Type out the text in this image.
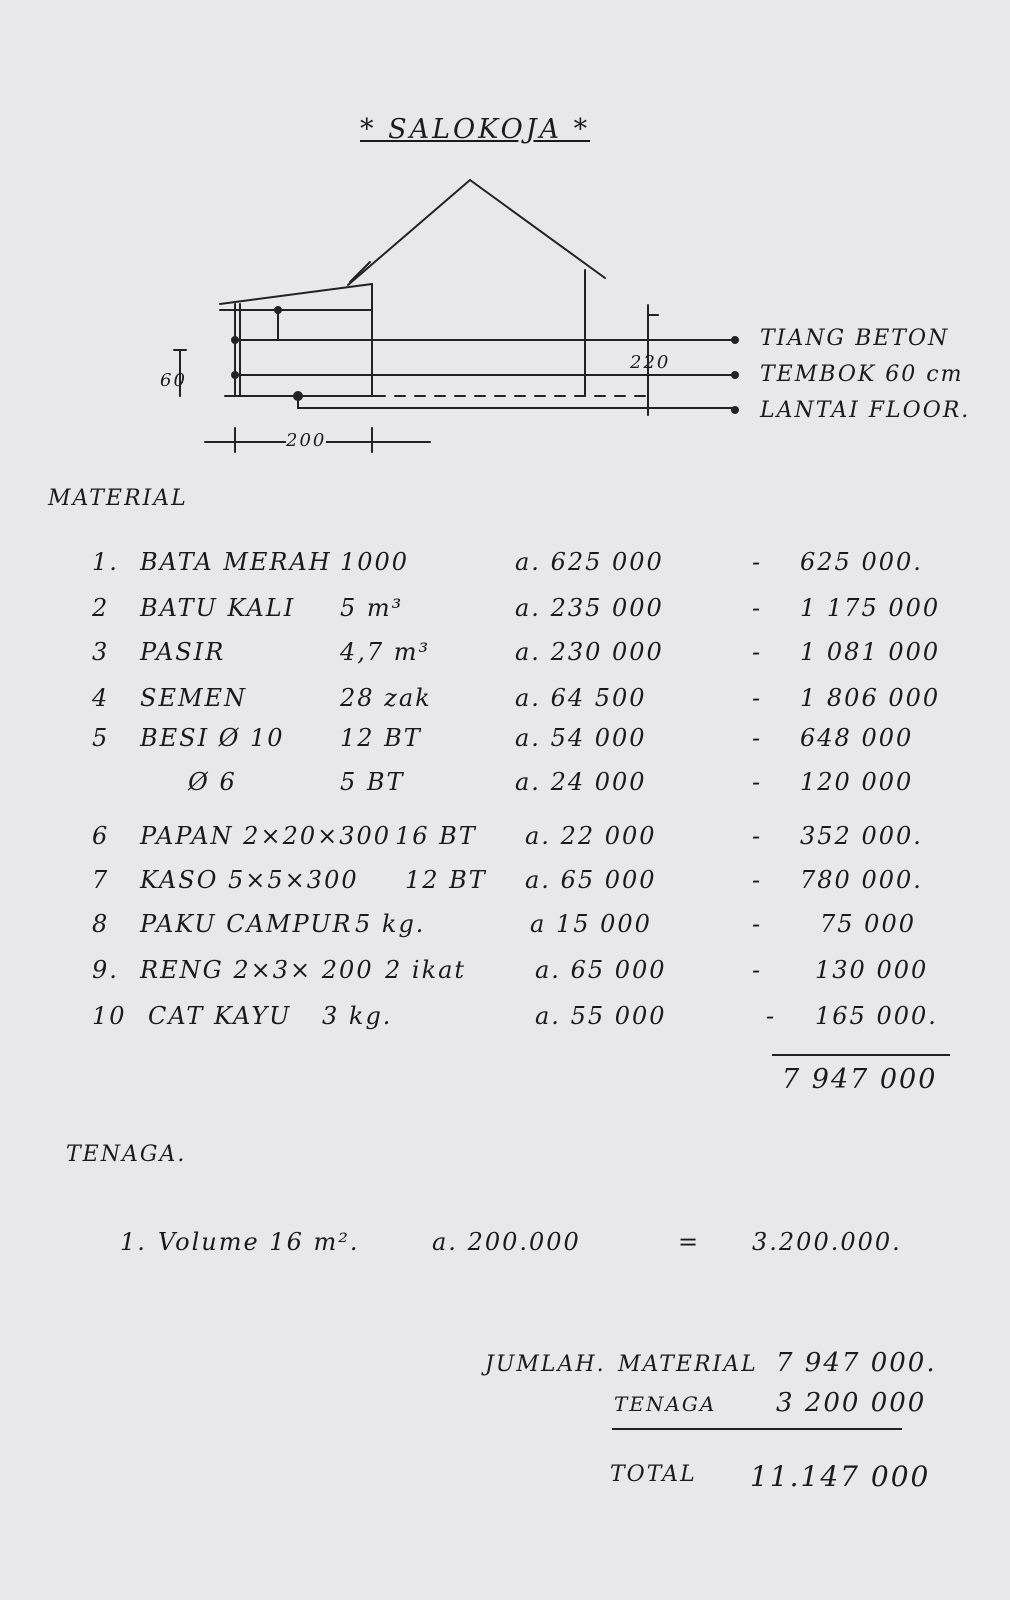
* SALOKOJA *
TIANG BETON
TEMBOK 60 cm
LANTAI FLOOR.
220
60
200
MATERIAL
1. BATA MERAH 1000	a. 625 000	- 625 000.
2 BATU KALI 5 m³	a. 235 000	- 1 175 000
3 PASIR	4,7 m³	a. 230 000	- 1 081 000
4 SEMEN	28 zak	a. 64 500	- 1 806 000
5 BESI Ø 10 12 BT	a. 54 000	- 648 000
Ø 6	5 BT	a. 24 000	- 120 000
6 PAPAN 2×20×300 16 BT a. 22 000	- 352 000.
7 KASO 5×5×300 12 BT a. 65 000	- 780 000.
8 PAKU CAMPUR 5 kg.	a 15 000	- 75 000
9. RENG 2×3× 200 2 ikat	a. 65 000	- 130 000
10 CAT KAYU 3 kg.	a. 55 000	- 165 000.
7 947 000
TENAGA.
1. Volume 16 m².	a. 200.000	= 3.200.000.
JUMLAH. MATERIAL 7 947 000.
TENAGA 3 200 000
TOTAL 11.147 000
